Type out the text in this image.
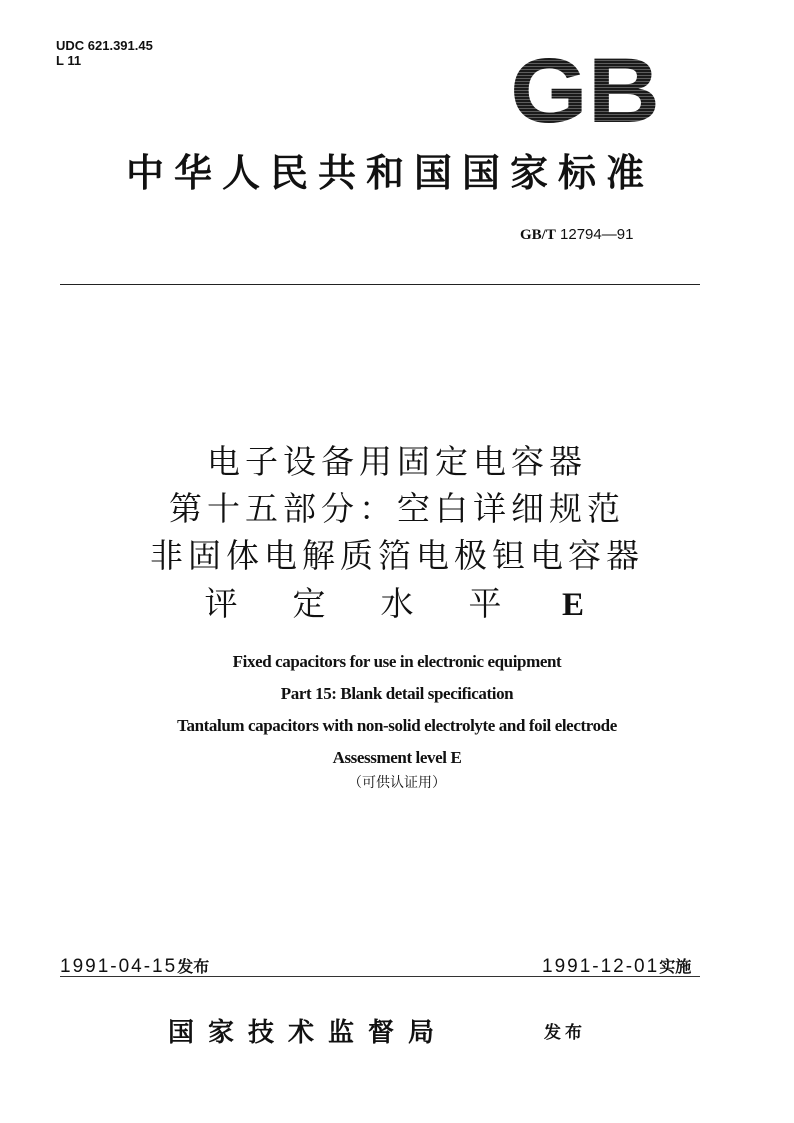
UDC 621.391.45
L 11	GB
中华人民共和国国家标准
GB/T 12794—91
电子设备用固定电容器
第十五部分：空白详细规范
非固体电解质箔电极钽电容器
评 定 水 平 E
Fixed capacitors for use in electronic equipment
Part 15: Blank detail specification
Tantalum capacitors with non-solid electrolyte and foil electrode
Assessment level E
（可供认证用）
1991-04-15发布	1991-12-01实施
国家技术监督局	发布
